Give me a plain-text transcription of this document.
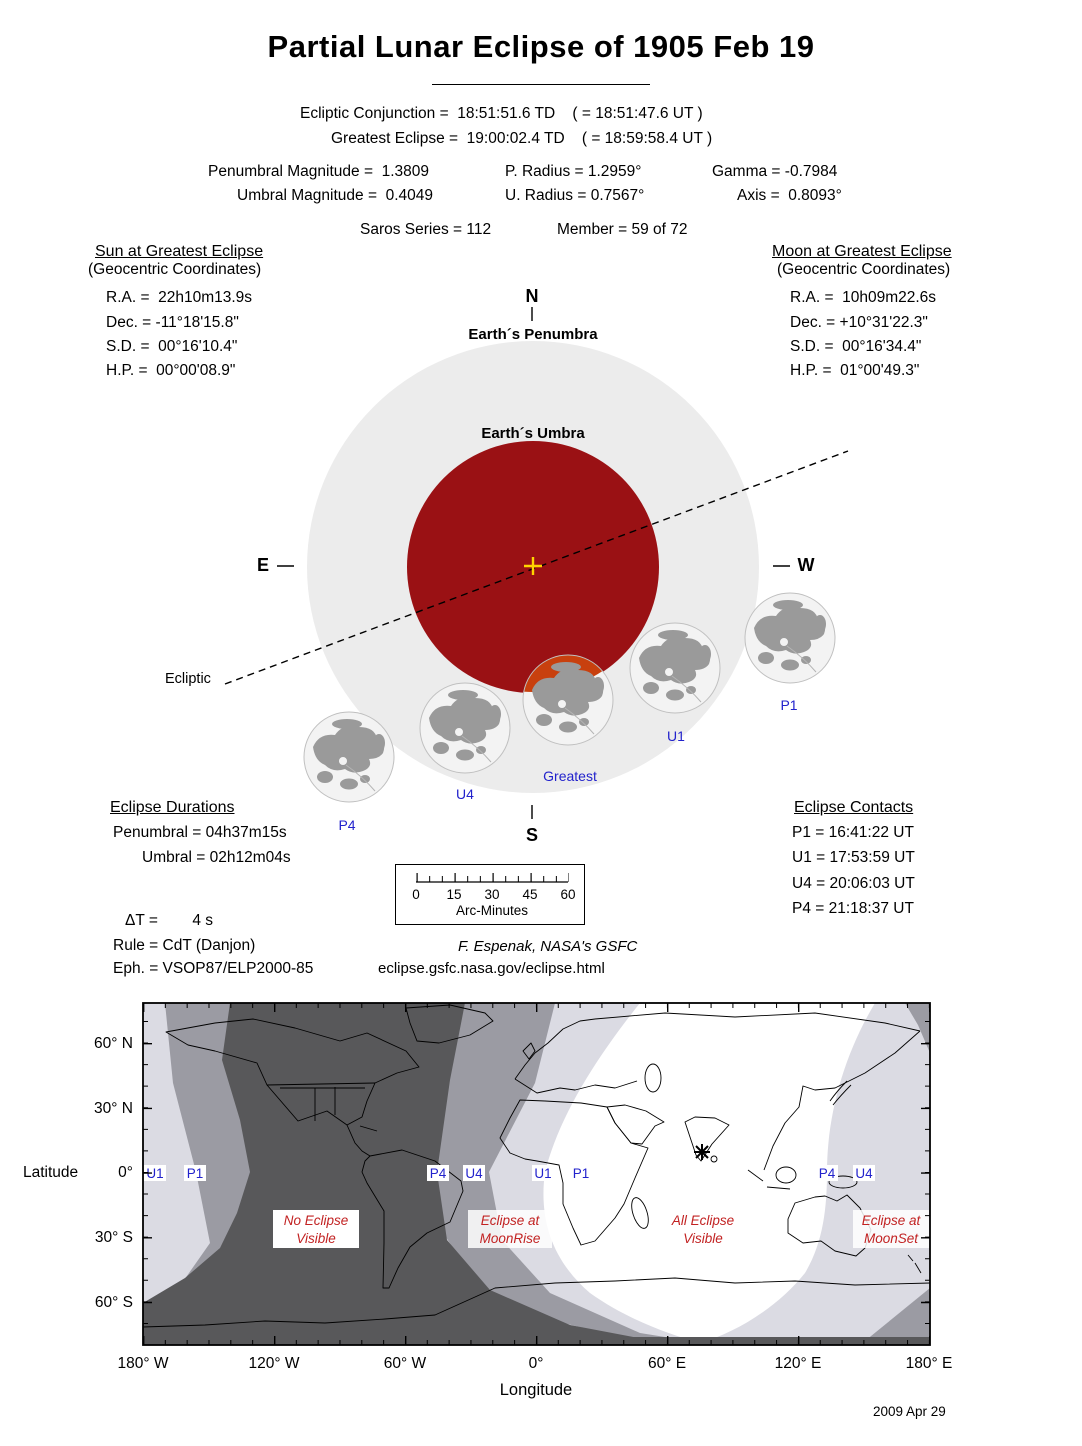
Partial Lunar Eclipse of 1905 Feb 19
Ecliptic Conjunction =  18:51:51.6 TD    ( = 18:51:47.6 UT )
Greatest Eclipse =  19:00:02.4 TD    ( = 18:59:58.4 UT )
Penumbral Magnitude =  1.3809	P. Radius = 1.2959°	Gamma = -0.7984
Umbral Magnitude =  0.4049	U. Radius = 0.7567°	Axis =  0.8093°
Saros Series = 112	Member = 59 of 72
Sun at Greatest Eclipse
(Geocentric Coordinates)
R.A. =  22h10m13.9s
Dec. = -11°18'15.8"
S.D. =  00°16'10.4"
H.P. =  00°00'08.9"
Moon at Greatest Eclipse
(Geocentric Coordinates)
R.A. =  10h09m22.6s
Dec. = +10°31'22.3"
S.D. =  00°16'34.4"
H.P. =  01°00'49.3"
N
Earth´s Penumbra
Earth´s Umbra
E	W
S
Ecliptic
P1
U1
Greatest
U4
P4
Eclipse Durations
Penumbral = 04h37m15s
Umbral = 02h12m04s
Eclipse Contacts
P1 = 16:41:22 UT
U1 = 17:53:59 UT
U4 = 20:06:03 UT
P4 = 21:18:37 UT
ΔT =        4 s
Rule = CdT (Danjon)
Eph. = VSOP87/ELP2000-85
0 15 30 45 60
Arc-Minutes
F. Espenak, NASA's GSFC
eclipse.gsfc.nasa.gov/eclipse.html
U1 P1	P4 U4	U1 P1	P4 U4
No Eclipse
Visible
Eclipse at
MoonRise
All Eclipse
Visible
Eclipse at
MoonSet
60° N
30° N
0°
30° S
60° S
Latitude
180° W	120° W	60° W	0°	60° E	120° E	180° E
Longitude
2009 Apr 29
